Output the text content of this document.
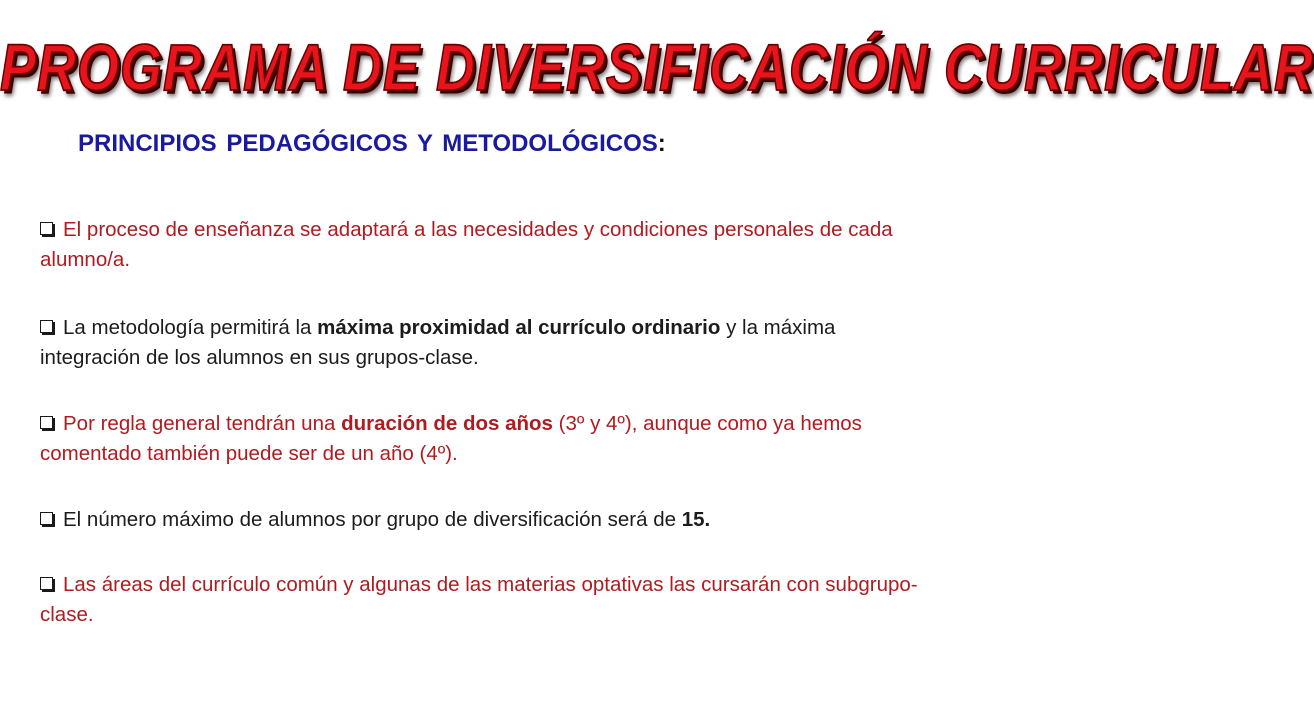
PROGRAMA DE DIVERSIFICACIÓN CURRICULAR
PRINCIPIOS PEDAGÓGICOS Y METODOLÓGICOS:
El proceso de enseñanza se adaptará a las necesidades y condiciones personales de cada alumno/a.
La metodología permitirá la máxima proximidad al currículo ordinario y la máxima integración de los alumnos en sus grupos-clase.
Por regla general tendrán una duración de dos años (3º y 4º), aunque como ya hemos comentado también puede ser de un año (4º).
El número máximo de alumnos por grupo de diversificación será de 15.
Las áreas del currículo común y algunas de las materias optativas las cursarán con subgrupo-clase.
